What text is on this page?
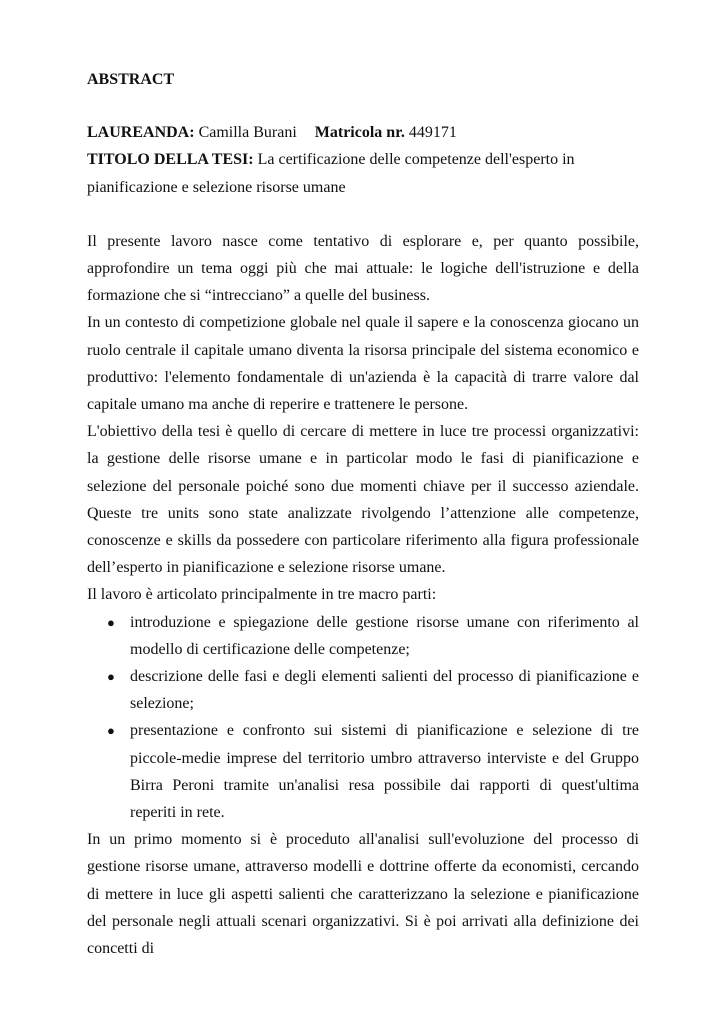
ABSTRACT

LAUREANDA: Camilla Burani Matricola nr. 449171

TITOLO DELLA TESI: La certificazione delle competenze dell'esperto in pianificazione e selezione risorse umane

Il presente lavoro nasce come tentativo di esplorare e, per quanto possibile, approfondire un tema oggi più che mai attuale: le logiche dell'istruzione e della formazione che si “intrecciano” a quelle del business.

In un contesto di competizione globale nel quale il sapere e la conoscenza giocano un ruolo centrale il capitale umano diventa la risorsa principale del sistema economico e produttivo: l'elemento fondamentale di un'azienda è la capacità di trarre valore dal capitale umano ma anche di reperire e trattenere le persone.

L'obiettivo della tesi è quello di cercare di mettere in luce tre processi organizzativi: la gestione delle risorse umane e in particolar modo le fasi di pianificazione e selezione del personale poiché sono due momenti chiave per il successo aziendale. Queste tre units sono state analizzate rivolgendo l’attenzione alle competenze, conoscenze e skills da possedere con particolare riferimento alla figura professionale dell’esperto in pianificazione e selezione risorse umane.

Il lavoro è articolato principalmente in tre macro parti:

● introduzione e spiegazione delle gestione risorse umane con riferimento al modello di certificazione delle competenze;
● descrizione delle fasi e degli elementi salienti del processo di pianificazione e selezione;
● presentazione e confronto sui sistemi di pianificazione e selezione di tre piccole-medie imprese del territorio umbro attraverso interviste e del Gruppo Birra Peroni tramite un'analisi resa possibile dai rapporti di quest'ultima reperiti in rete.

In un primo momento si è proceduto all'analisi sull'evoluzione del processo di gestione risorse umane, attraverso modelli e dottrine offerte da economisti, cercando di mettere in luce gli aspetti salienti che caratterizzano la selezione e pianificazione del personale negli attuali scenari organizzativi. Si è poi arrivati alla definizione dei concetti di
